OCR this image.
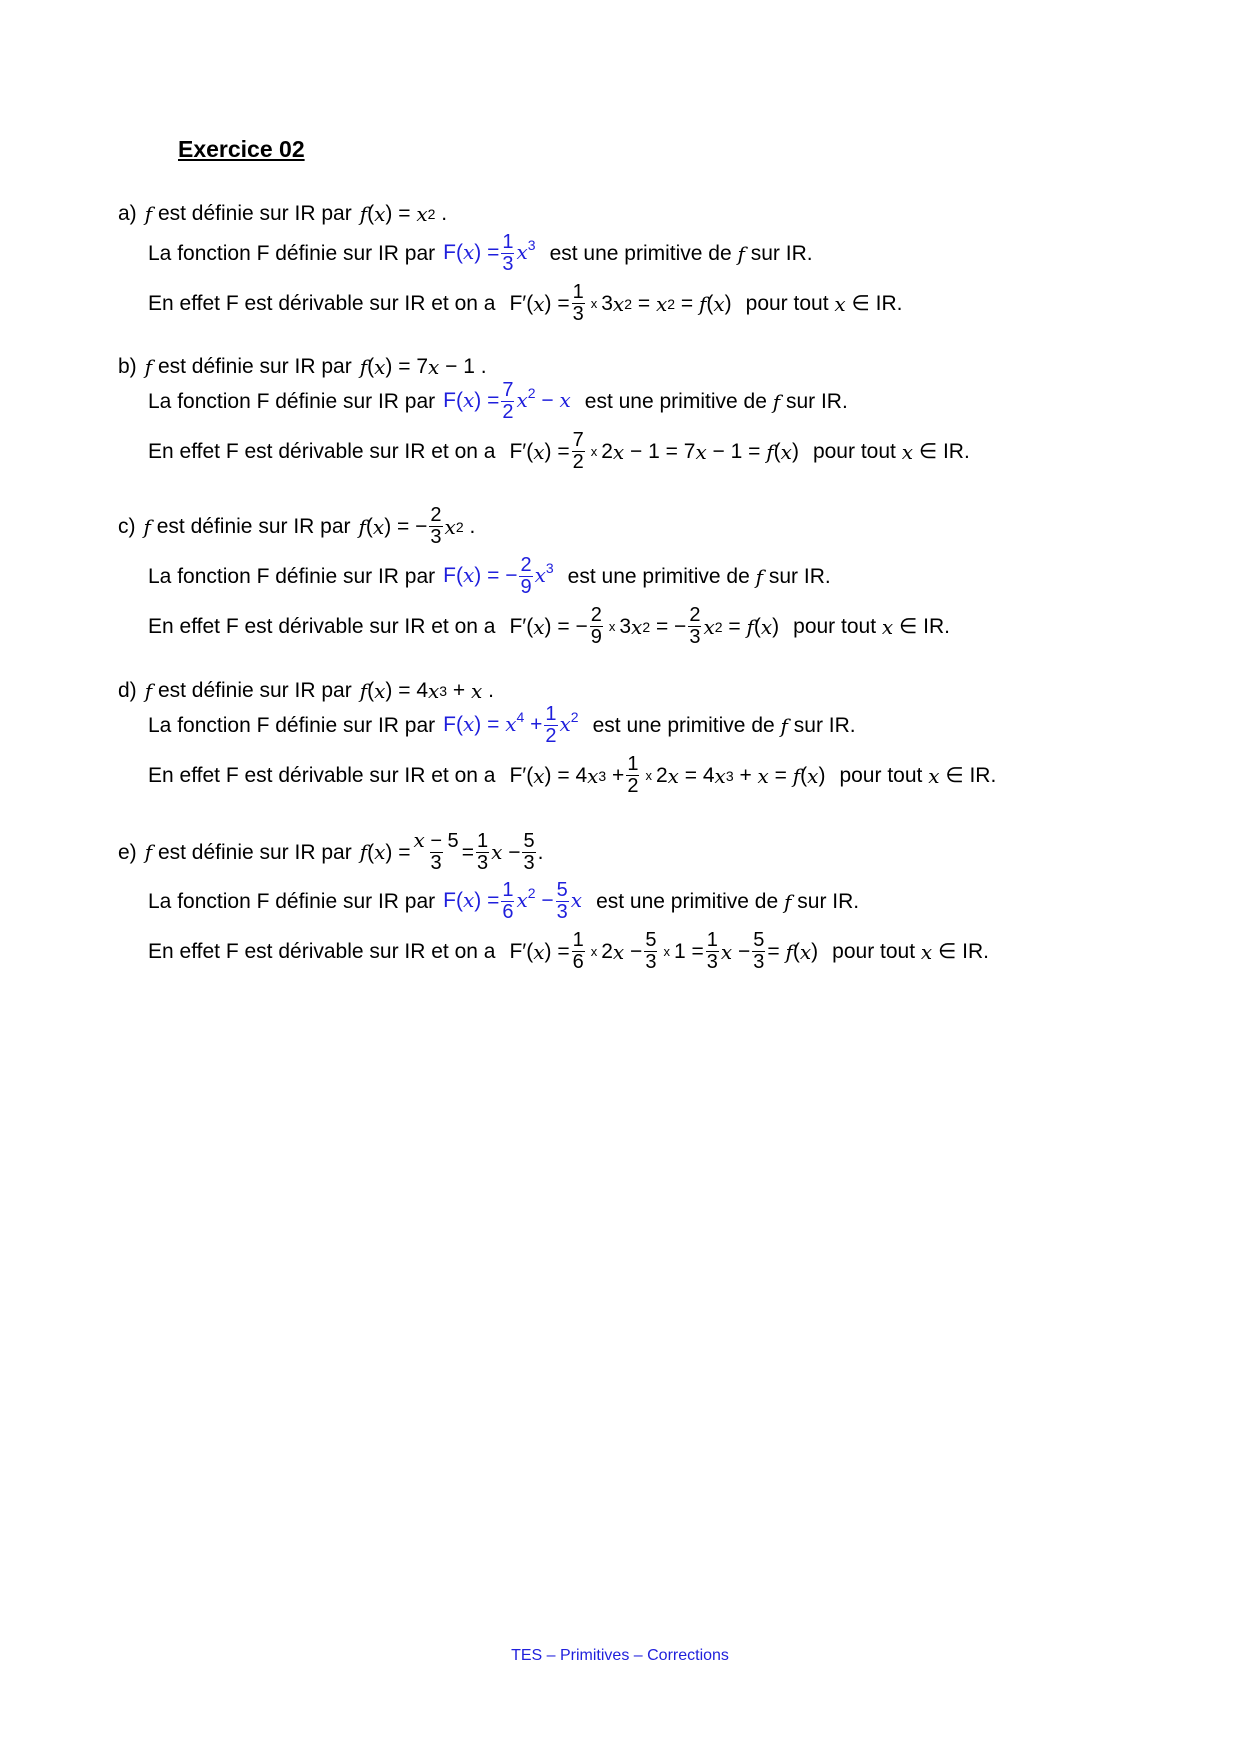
Exercice 02
a) f
est définie sur IR par f ( x ) = x 2 .
La fonction F définie sur IR par $F(x) = \frac{1}{3} x^3$ est une primitive de
f
sur IR.
En effet F est dérivable sur IR et on a F′( x ) = $\frac{1}{3}$ x 3 x 2 = x 2 = f ( x ) pour tout
x
∈ IR.
b) f
est définie sur IR par f ( x ) = 7 x − 1 .
La fonction F définie sur IR par $F(x) = \frac{7}{2} x^2 - x$ est une primitive de
f
sur IR.
En effet F est dérivable sur IR et on a F′( x ) = $\frac{7}{2}$ x 2 x − 1 = 7 x − 1 = f ( x ) pour tout
x
∈ IR.
c) f
est définie sur IR par f ( x ) = − $\frac{2}{3}$ x 2 .
La fonction F définie sur IR par F(x) = − $\frac{2}{9} x^3$ est une primitive de
f
sur IR.
En effet F est dérivable sur IR et on a F′( x ) = − $\frac{2}{9}$ x 3 x 2 = − $\frac{2}{3}$ x 2 = f ( x ) pour tout
x
∈ IR.
d) f
est définie sur IR par f ( x ) = 4 x 3 + x .
La fonction F définie sur IR par $F(x) = x^4 + \frac{1}{2} x^2$ est une primitive de
f
sur IR.
En effet F est dérivable sur IR et on a F′( x ) = 4 x $3 + \frac{1}{2}$ x 2 x = 4 x 3 + x = f ( x ) pour tout
x
∈ IR.
e) f
est définie sur IR par f ( x ) = $\frac{x - 5}{3} = \frac{1}{3}$ $x - \frac{5}{3}$ .
La fonction F définie sur IR par $F(x) = \frac{1}{6} x^2 - \frac{5}{3}$ x est une primitive de
f
sur IR.
En effet F est dérivable sur IR et on a F′( x ) = $\frac{1}{6}$ x 2 $x - \frac{5}{3}$ x $1 = \frac{1}{3}$ $x - \frac{5}{3} = f$ ( x ) pour tout
x
∈ IR.
TES – Primitives – Corrections
